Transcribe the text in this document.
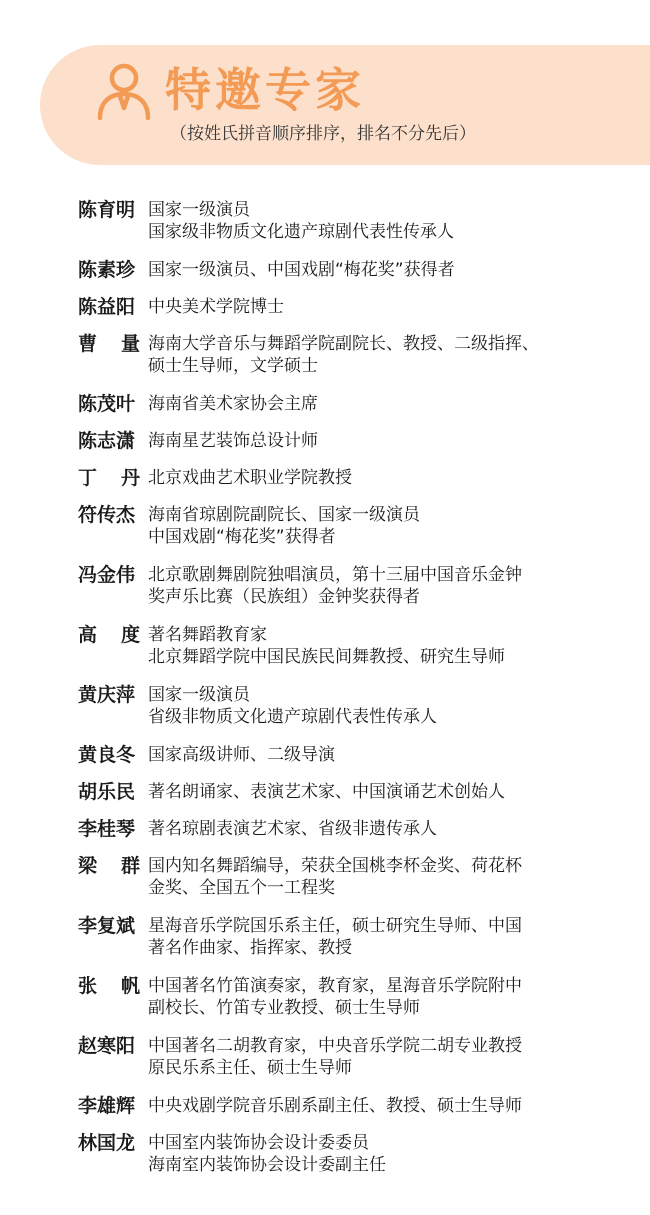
特邀专家
（按姓氏拼音顺序排序，排名不分先后）
陈育明 国家一级演员
国家级非物质文化遗产琼剧代表性传承人
陈素珍 国家一级演员、中国戏剧“梅花奖”获得者
陈益阳 中央美术学院博士
曹 量 海南大学音乐与舞蹈学院副院长、教授、二级指挥、
硕士生导师，文学硕士
陈茂叶 海南省美术家协会主席
陈志潇 海南星艺装饰总设计师
丁 丹 北京戏曲艺术职业学院教授
符传杰 海南省琼剧院副院长、国家一级演员
中国戏剧“梅花奖”获得者
冯金伟 北京歌剧舞剧院独唱演员，第十三届中国音乐金钟
奖声乐比赛（民族组）金钟奖获得者
高 度 著名舞蹈教育家
北京舞蹈学院中国民族民间舞教授、研究生导师
黄庆萍 国家一级演员
省级非物质文化遗产琼剧代表性传承人
黄良冬 国家高级讲师、二级导演
胡乐民 著名朗诵家、表演艺术家、中国演诵艺术创始人
李桂琴 著名琼剧表演艺术家、省级非遗传承人
梁 群 国内知名舞蹈编导，荣获全国桃李杯金奖、荷花杯
金奖、全国五个一工程奖
李复斌 星海音乐学院国乐系主任，硕士研究生导师、中国
著名作曲家、指挥家、教授
张 帆 中国著名竹笛演奏家，教育家，星海音乐学院附中
副校长、竹笛专业教授、硕士生导师
赵寒阳 中国著名二胡教育家，中央音乐学院二胡专业教授
原民乐系主任、硕士生导师
李雄辉 中央戏剧学院音乐剧系副主任、教授、硕士生导师
林国龙 中国室内装饰协会设计委委员
海南室内装饰协会设计委副主任
